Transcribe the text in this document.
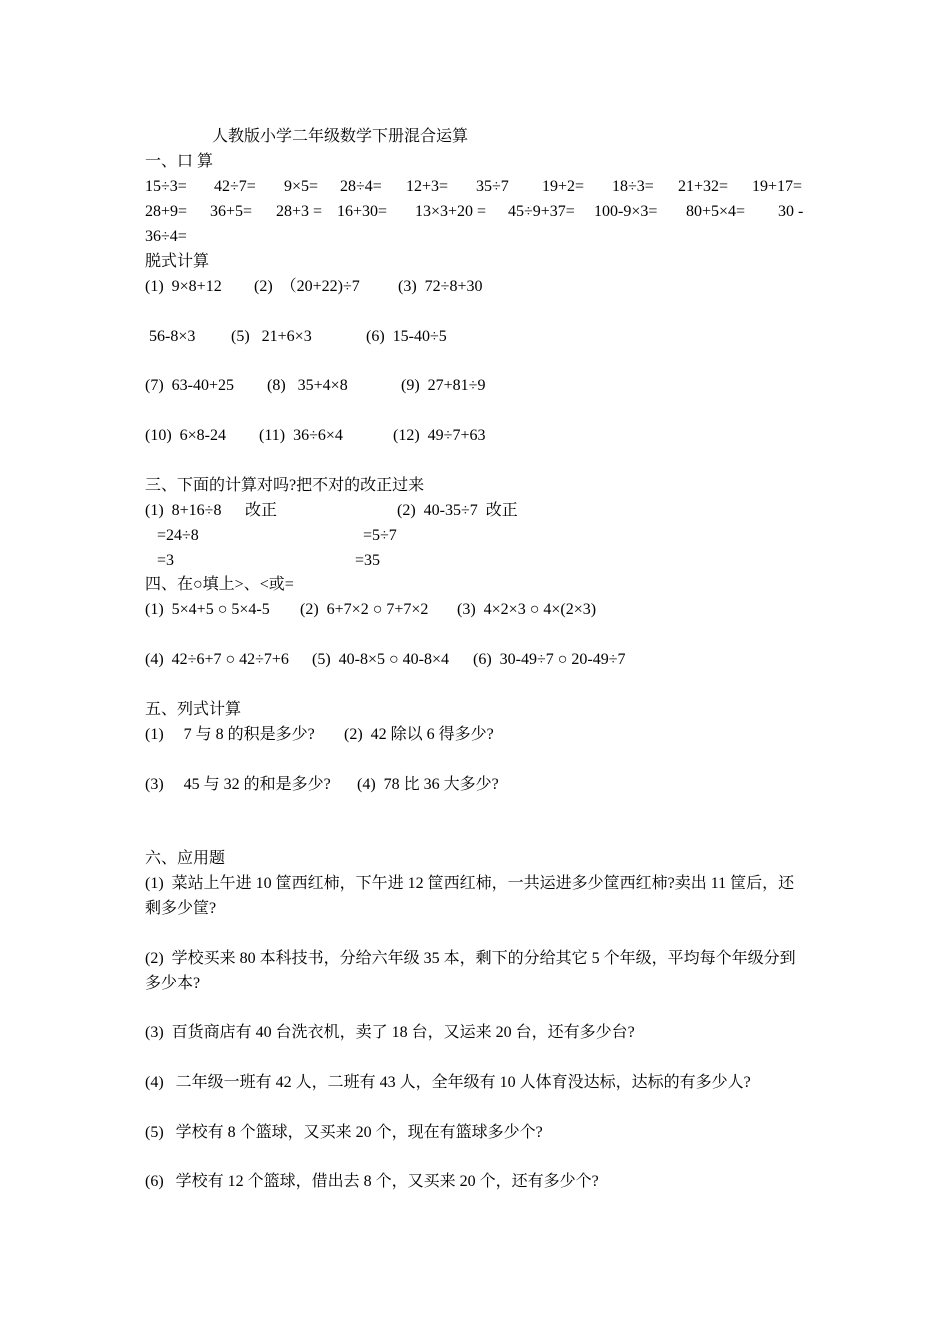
人教版小学二年级数学下册混合运算
一、口 算
15÷3= 42÷7= 9×5= 28÷4= 12+3= 35÷7 19+2= 18÷3= 21+32= 19+17=
28+9= 36+5= 28+3 = 16+30= 13×3+20 = 45÷9+37= 100-9×3= 80+5×4= 30 -
36÷4=
脱式计算
(1)  9×8+12 (2)  （20+22)÷7 (3)  72÷8+30
56-8×3 (5)   21+6×3	(6)  15-40÷5
(7)  63-40+25 (8)   35+4×8	(9)  27+81÷9
(10)  6×8-24 (11)  36÷6×4	(12)  49÷7+63
三、下面的计算对吗?把不对的改正过来
(1)  8+16÷8 改正
=24÷8
=3
(2)  40-35÷7  改正
=5÷7
=35
四、在○填上>、<或=
(1)  5×4+5 ○ 5×4-5 (2)  6+7×2 ○ 7+7×2 (3)  4×2×3 ○ 4×(2×3)
(4)  42÷6+7 ○ 42÷7+6 (5)  40-8×5 ○ 40-8×4 (6)  30-49÷7 ○ 20-49÷7
五、列式计算
(1)     7 与 8 的积是多少? (2)  42 除以 6 得多少?
(3)     45 与 32 的和是多少? (4)  78 比 36 大多少?
六、应用题
(1)  菜站上午进 10 筐西红柿，下午进 12 筐西红柿，一共运进多少筐西红柿?卖出 11 筐后，还
剩多少筐?
(2)  学校买来 80 本科技书，分给六年级 35 本，剩下的分给其它 5 个年级，平均每个年级分到
多少本?
(3)  百货商店有 40 台洗衣机，卖了 18 台，又运来 20 台，还有多少台?
(4)   二年级一班有 42 人，二班有 43 人，全年级有 10 人体育没达标，达标的有多少人?
(5)   学校有 8 个篮球，又买来 20 个，现在有篮球多少个?
(6)   学校有 12 个篮球，借出去 8 个，又买来 20 个，还有多少个?
